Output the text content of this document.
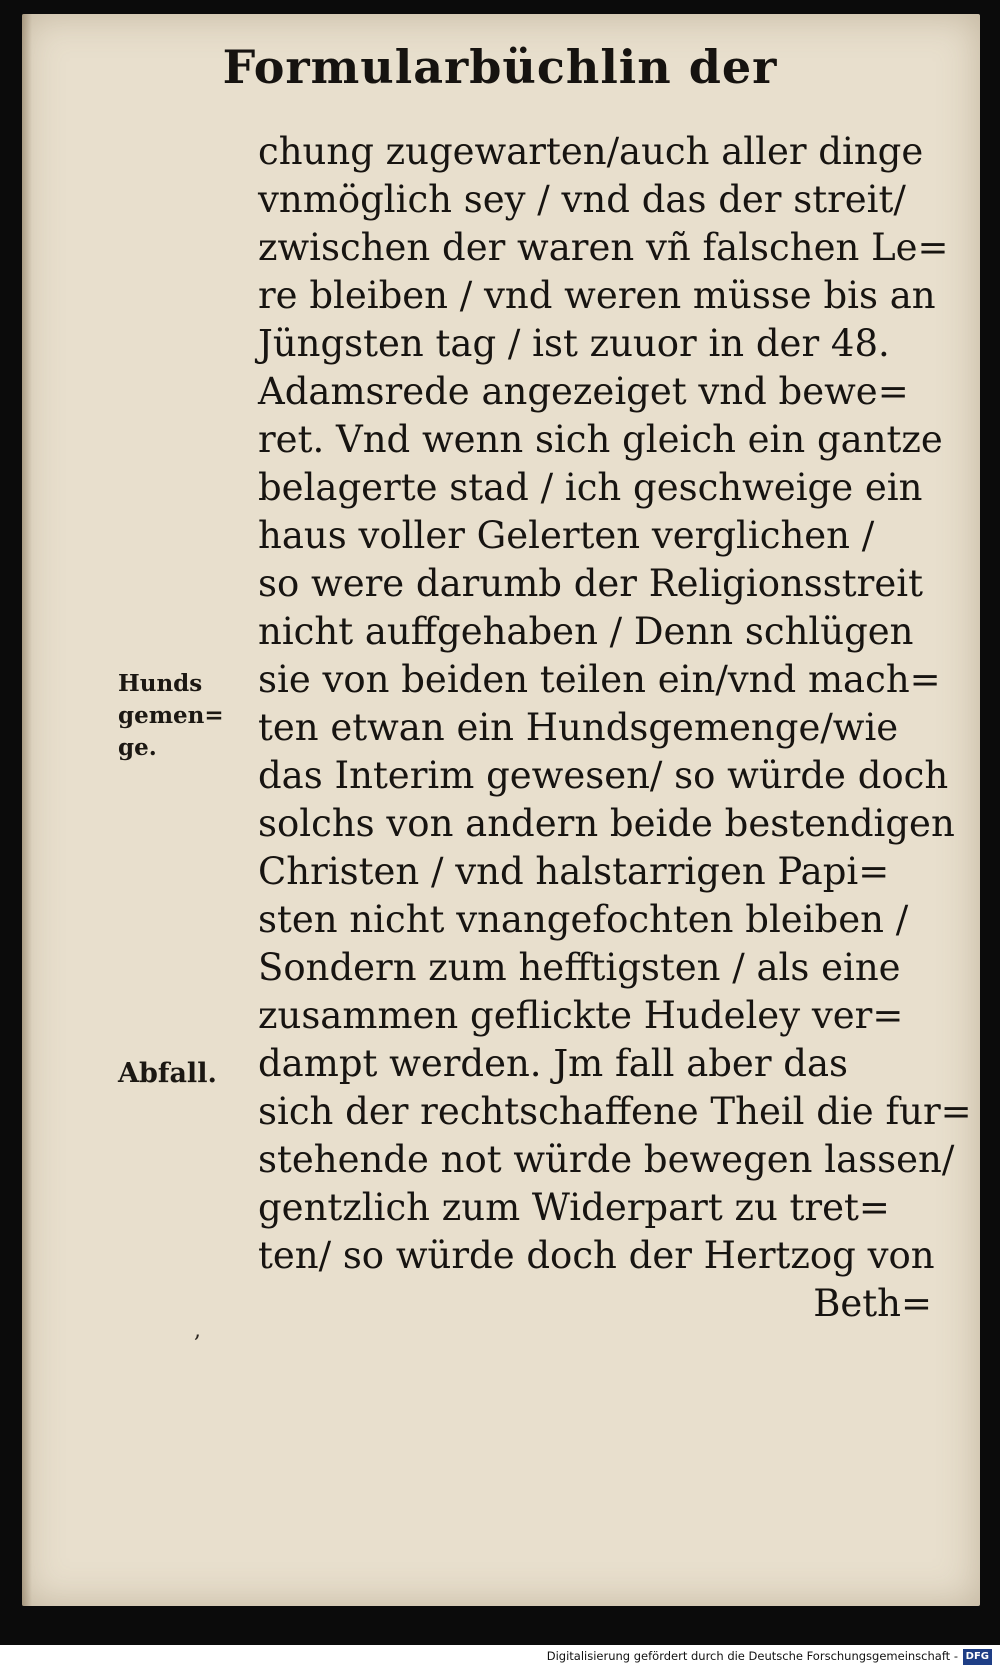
Formularbüchlin der
chung zugewarten/auch aller dinge
vnmöglich sey / vnd das der streit/
zwischen der waren vñ falschen Le=
re bleiben / vnd weren müsse bis an
Jüngsten tag / ist zuuor in der 48.
Adamsrede angezeiget vnd bewe=
ret. Vnd wenn sich gleich ein gantze
belagerte stad / ich geschweige ein
haus voller Gelerten verglichen /
so were darumb der Religionsstreit
nicht auffgehaben / Denn schlügen
sie von beiden teilen ein/vnd mach=
ten etwan ein Hundsgemenge/wie
das Interim gewesen/ so würde doch
solchs von andern beide bestendigen
Christen / vnd halstarrigen Papi=
sten nicht vnangefochten bleiben /
Sondern zum hefftigsten / als eine
zusammen geflickte Hudeley ver=
dampt werden. Jm fall aber das
sich der rechtschaffene Theil die fur=
stehende not würde bewegen lassen/
gentzlich zum Widerpart zu tret=
ten/ so würde doch der Hertzog von
Beth=
Hunds
gemen=
ge.
Abfall.
,
Digitalisierung gefördert durch die Deutsche Forschungsgemeinschaft - DFG
